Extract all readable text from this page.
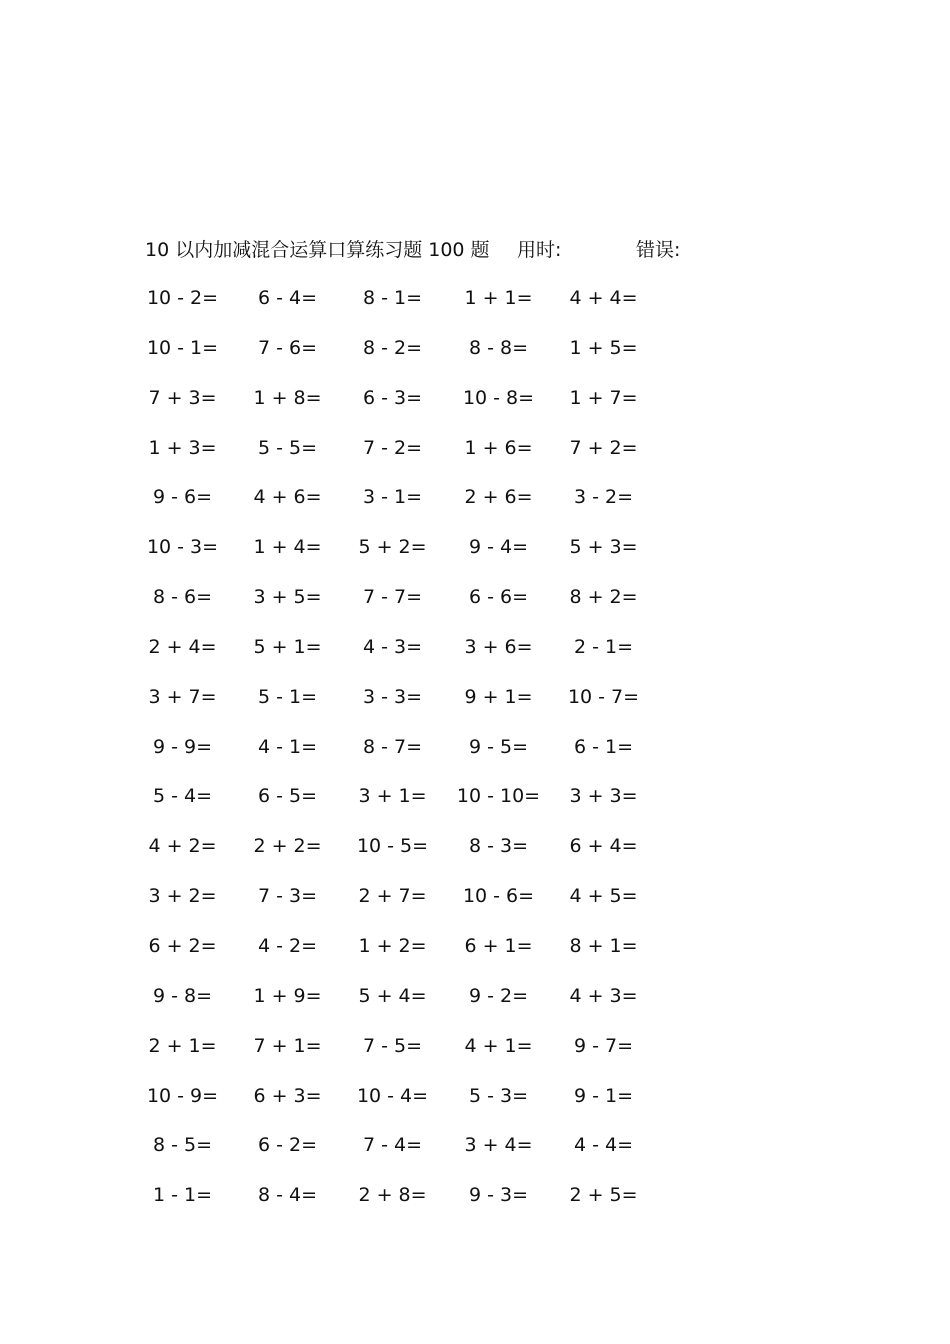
10 以内加减混合运算口算练习题 100 题 用时:	错误:
10 - 2=	6 - 4=	8 - 1=	1 + 1=	4 + 4=
10 - 1=	7 - 6=	8 - 2=	8 - 8=	1 + 5=
7 + 3=	1 + 8=	6 - 3=	10 - 8=	1 + 7=
1 + 3=	5 - 5=	7 - 2=	1 + 6=	7 + 2=
9 - 6=	4 + 6=	3 - 1=	2 + 6=	3 - 2=
10 - 3=	1 + 4=	5 + 2=	9 - 4=	5 + 3=
8 - 6=	3 + 5=	7 - 7=	6 - 6=	8 + 2=
2 + 4=	5 + 1=	4 - 3=	3 + 6=	2 - 1=
3 + 7=	5 - 1=	3 - 3=	9 + 1=	10 - 7=
9 - 9=	4 - 1=	8 - 7=	9 - 5=	6 - 1=
5 - 4=	6 - 5=	3 + 1=	10 - 10=	3 + 3=
4 + 2=	2 + 2=	10 - 5=	8 - 3=	6 + 4=
3 + 2=	7 - 3=	2 + 7=	10 - 6=	4 + 5=
6 + 2=	4 - 2=	1 + 2=	6 + 1=	8 + 1=
9 - 8=	1 + 9=	5 + 4=	9 - 2=	4 + 3=
2 + 1=	7 + 1=	7 - 5=	4 + 1=	9 - 7=
10 - 9=	6 + 3=	10 - 4=	5 - 3=	9 - 1=
8 - 5=	6 - 2=	7 - 4=	3 + 4=	4 - 4=
1 - 1=	8 - 4=	2 + 8=	9 - 3=	2 + 5=
